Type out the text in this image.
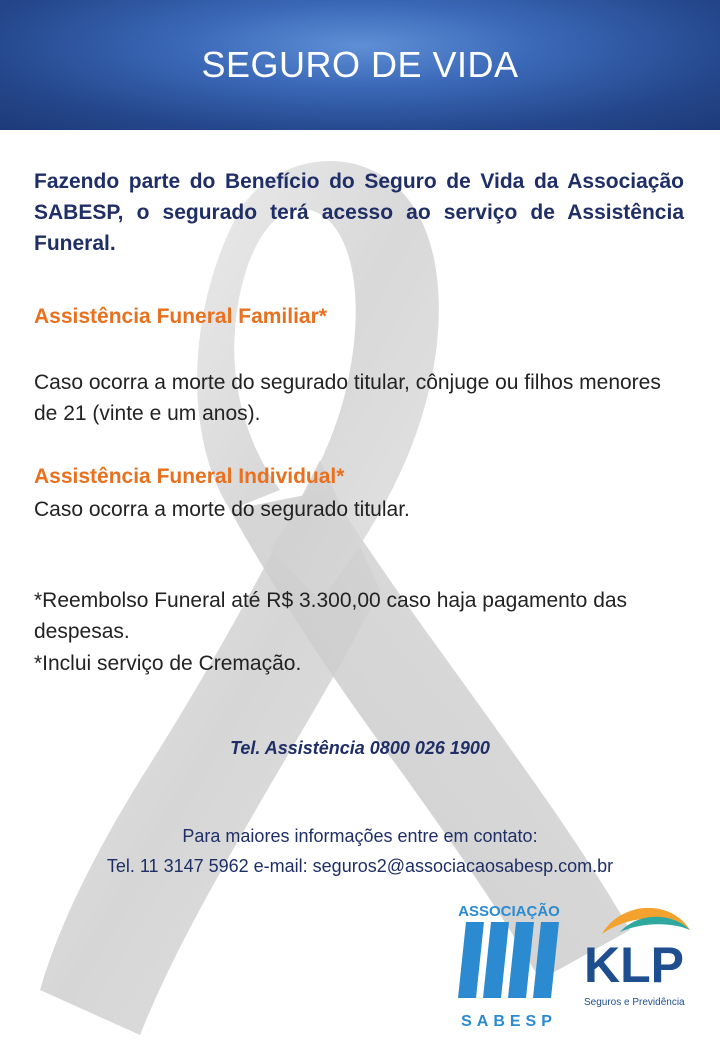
SEGURO DE VIDA
Fazendo parte do Benefício do Seguro de Vida da Associação SABESP, o segurado terá acesso ao serviço de Assistência Funeral.
Assistência Funeral Familiar*
Caso ocorra a morte do segurado titular, cônjuge ou filhos menores de 21 (vinte e um anos).
Assistência Funeral Individual*
Caso ocorra a morte do segurado titular.
*Reembolso Funeral até R$ 3.300,00 caso haja pagamento das despesas.
*Inclui serviço de Cremação.
Tel. Assistência 0800 026 1900
Para maiores informações entre em contato:
Tel. 11 3147 5962 e-mail: seguros2@associacaosabesp.com.br
ASSOCIAÇÃO
SABESP
KLP
Seguros e Previdência
